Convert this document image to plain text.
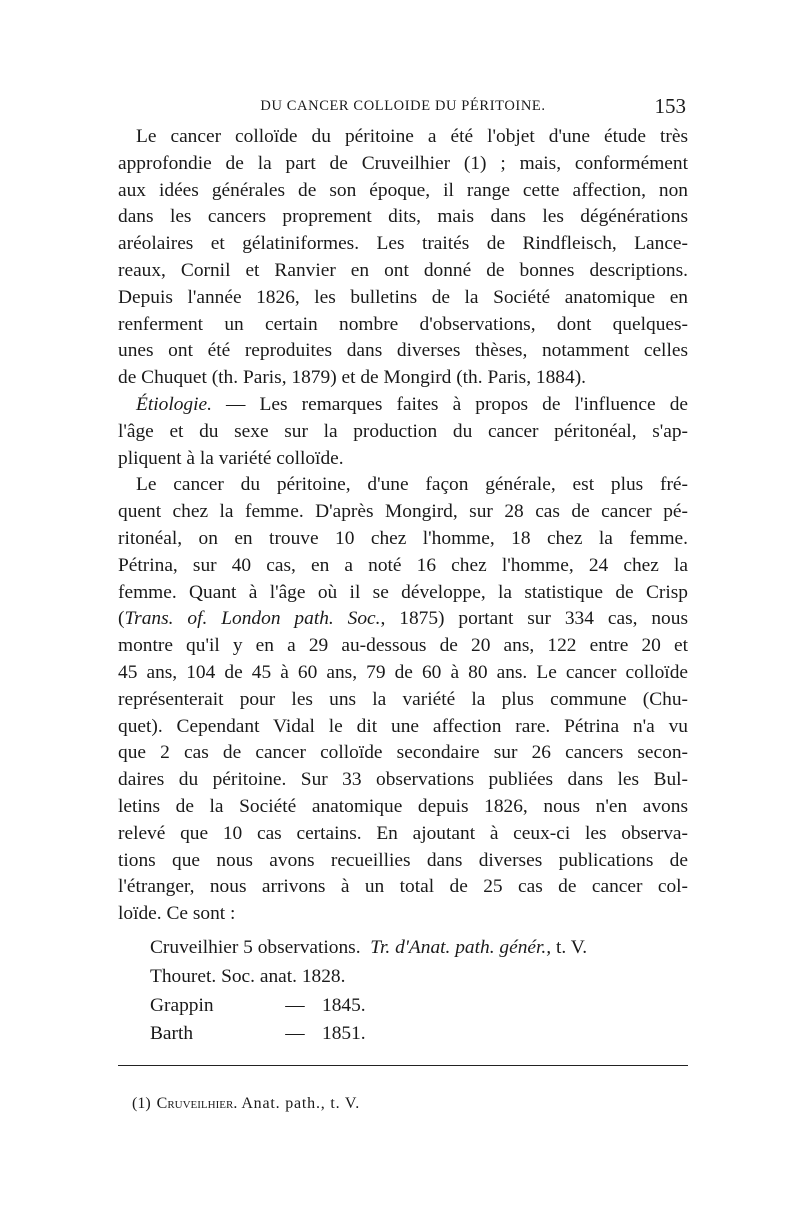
DU CANCER COLLOIDE DU PÉRITOINE.	153
Le cancer colloïde du péritoine a été l'objet d'une étude très
approfondie de la part de Cruveilhier (1) ; mais, conformément
aux idées générales de son époque, il range cette affection, non
dans les cancers proprement dits, mais dans les dégénérations
aréolaires et gélatiniformes. Les traités de Rindfleisch, Lance-
reaux, Cornil et Ranvier en ont donné de bonnes descriptions.
Depuis l'année 1826, les bulletins de la Société anatomique en
renferment un certain nombre d'observations, dont quelques-
unes ont été reproduites dans diverses thèses, notamment celles
de Chuquet (th. Paris, 1879) et de Mongird (th. Paris, 1884).
Étiologie. — Les remarques faites à propos de l'influence de
l'âge et du sexe sur la production du cancer péritonéal, s'ap-
pliquent à la variété colloïde.
Le cancer du péritoine, d'une façon générale, est plus fré-
quent chez la femme. D'après Mongird, sur 28 cas de cancer pé-
ritonéal, on en trouve 10 chez l'homme, 18 chez la femme.
Pétrina, sur 40 cas, en a noté 16 chez l'homme, 24 chez la
femme. Quant à l'âge où il se développe, la statistique de Crisp
(Trans. of. London path. Soc., 1875) portant sur 334 cas, nous
montre qu'il y en a 29 au-dessous de 20 ans, 122 entre 20 et
45 ans, 104 de 45 à 60 ans, 79 de 60 à 80 ans. Le cancer colloïde
représenterait pour les uns la variété la plus commune (Chu-
quet). Cependant Vidal le dit une affection rare. Pétrina n'a vu
que 2 cas de cancer colloïde secondaire sur 26 cancers secon-
daires du péritoine. Sur 33 observations publiées dans les Bul-
letins de la Société anatomique depuis 1826, nous n'en avons
relevé que 10 cas certains. En ajoutant à ceux-ci les observa-
tions que nous avons recueillies dans diverses publications de
l'étranger, nous arrivons à un total de 25 cas de cancer col-
loïde. Ce sont :
Cruveilhier 5 observations. Tr. d'Anat. path. génér., t. V.
Thouret. Soc. anat. 1828.
Grappin	— 1845.
Barth	— 1851.
(1) Cruveilhier. Anat. path., t. V.
